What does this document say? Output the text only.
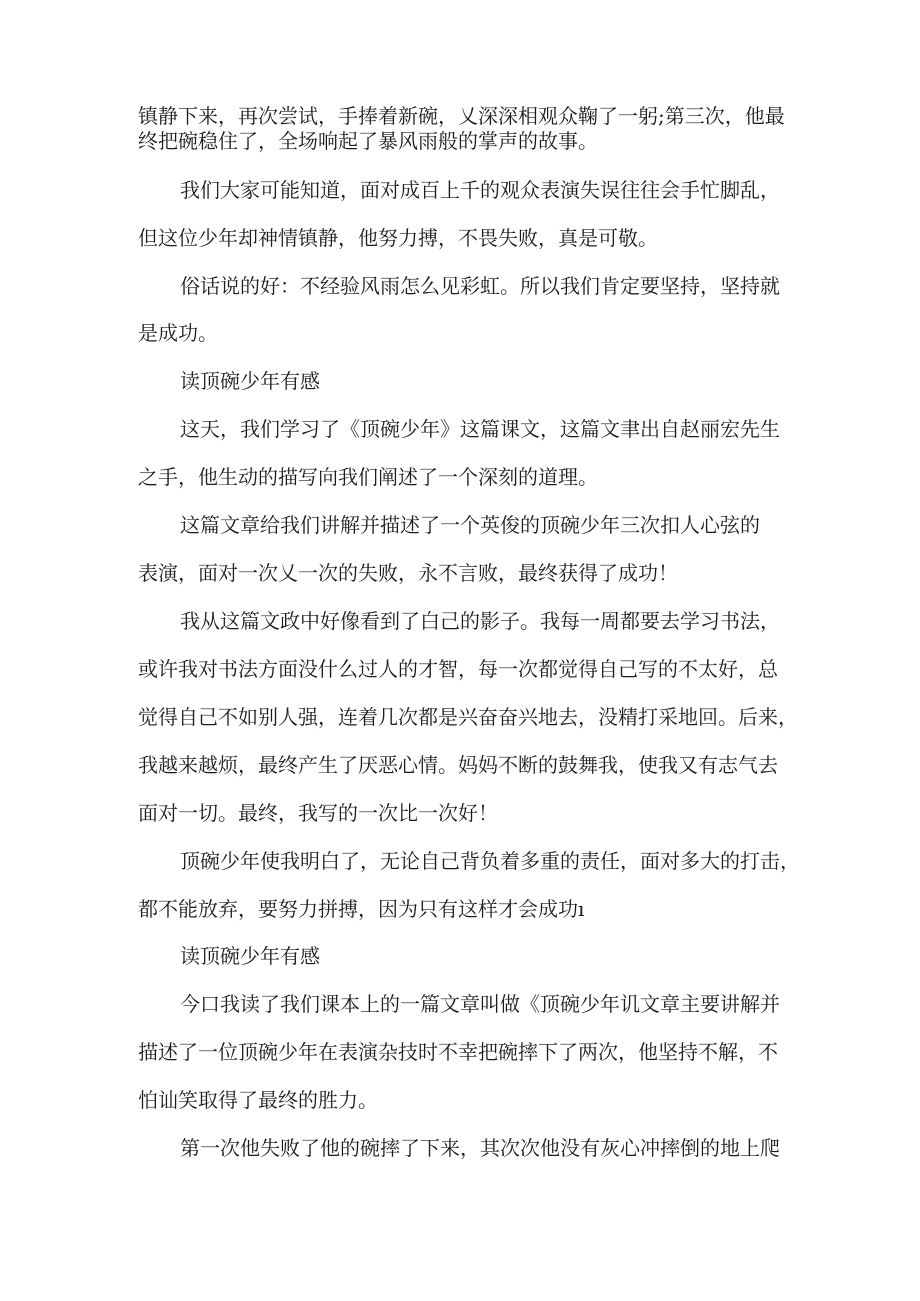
镇静下来，再次尝试，手捧着新碗，乂深深相观众鞠了一躬;第三次，他最

终把碗稳住了，全场响起了暴风雨般的掌声的故事。

我们大家可能知道，面对成百上千的观众表演失误往往会手忙脚乱，

但这位少年却神情镇静，他努力搏，不畏失败，真是可敬。

俗话说的好：不经验风雨怎么见彩虹。所以我们肯定要坚持，坚持就

是成功。

读顶碗少年有感

这天，我们学习了《顶碗少年》这篇课文，这篇文聿出自赵丽宏先生

之手，他生动的描写向我们阐述了一个深刻的道理。

这篇文章给我们讲解并描述了一个英俊的顶碗少年三次扣人心弦的

表演，面对一次乂一次的失败，永不言败，最终获得了成功！

我从这篇文政中好像看到了白己的影子。我每一周都要去学习书法，

或许我对书法方面没什么过人的才智，每一次都觉得自己写的不太好，总

觉得自己不如别人强，连着几次都是兴奋奋兴地去，没精打采地回。后来，

我越来越烦，最终产生了厌恶心情。妈妈不断的鼓舞我，使我又有志气去

面对一切。最终，我写的一次比一次好！

顶碗少年使我明白了，无论自己背负着多重的责任，面对多大的打击，

都不能放弃，要努力拼搏，因为只有这样才会成功ı

读顶碗少年有感

今口我读了我们课本上的一篇文章叫做《顶碗少年讥文章主要讲解并

描述了一位顶碗少年在表演杂技时不幸把碗摔下了两次，他坚持不解，不

怕讪笑取得了最终的胜力。

第一次他失败了他的碗摔了下来，其次次他没有灰心冲摔倒的地上爬
